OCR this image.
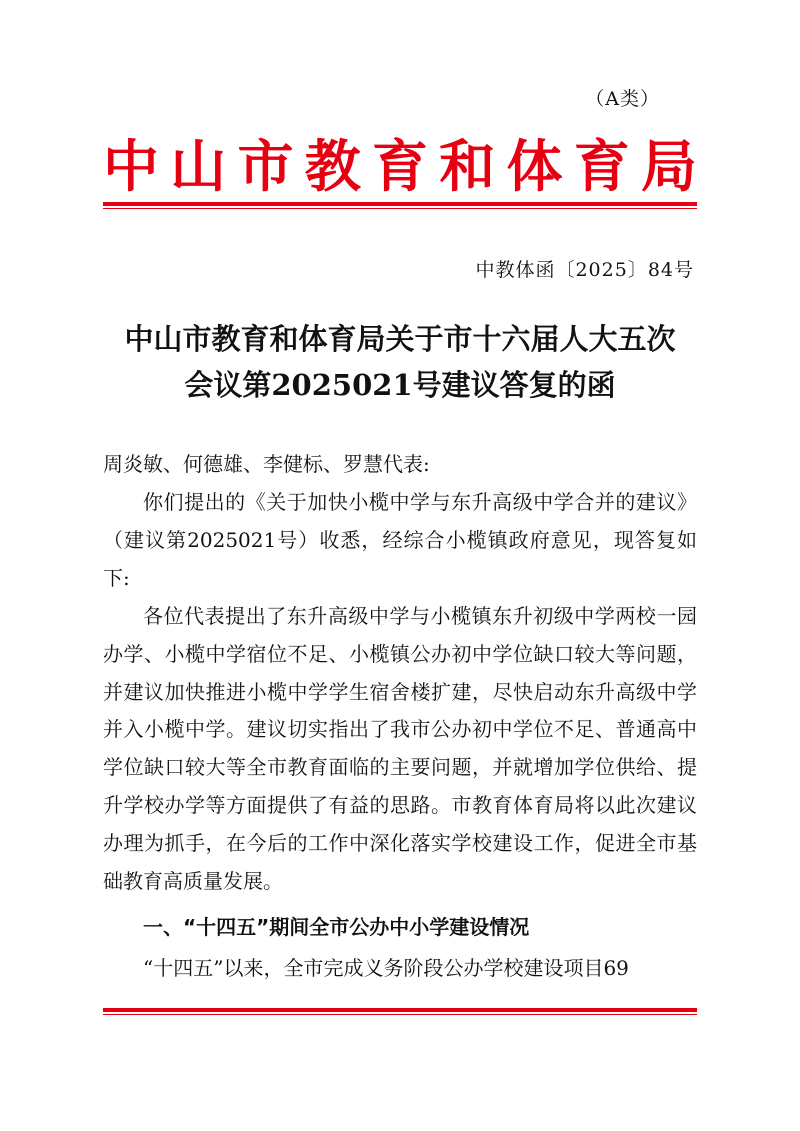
（A类）
中山市教育和体育局
中教体函〔2025〕84号
中山市教育和体育局关于市十六届人大五次
会议第2025021号建议答复的函
周炎敏、何德雄、李健标、罗慧代表:

你们提出的《关于加快小榄中学与东升高级中学合并的建议》（建议第2025021号）收悉，经综合小榄镇政府意见，现答复如下:

各位代表提出了东升高级中学与小榄镇东升初级中学两校一园办学、小榄中学宿位不足、小榄镇公办初中学位缺口较大等问题，并建议加快推进小榄中学学生宿舍楼扩建，尽快启动东升高级中学并入小榄中学。建议切实指出了我市公办初中学位不足、普通高中学位缺口较大等全市教育面临的主要问题，并就增加学位供给、提升学校办学等方面提供了有益的思路。市教育体育局将以此次建议办理为抓手，在今后的工作中深化落实学校建设工作，促进全市基础教育高质量发展。

一、“十四五”期间全市公办中小学建设情况
“十四五”以来，全市完成义务阶段公办学校建设项目69
